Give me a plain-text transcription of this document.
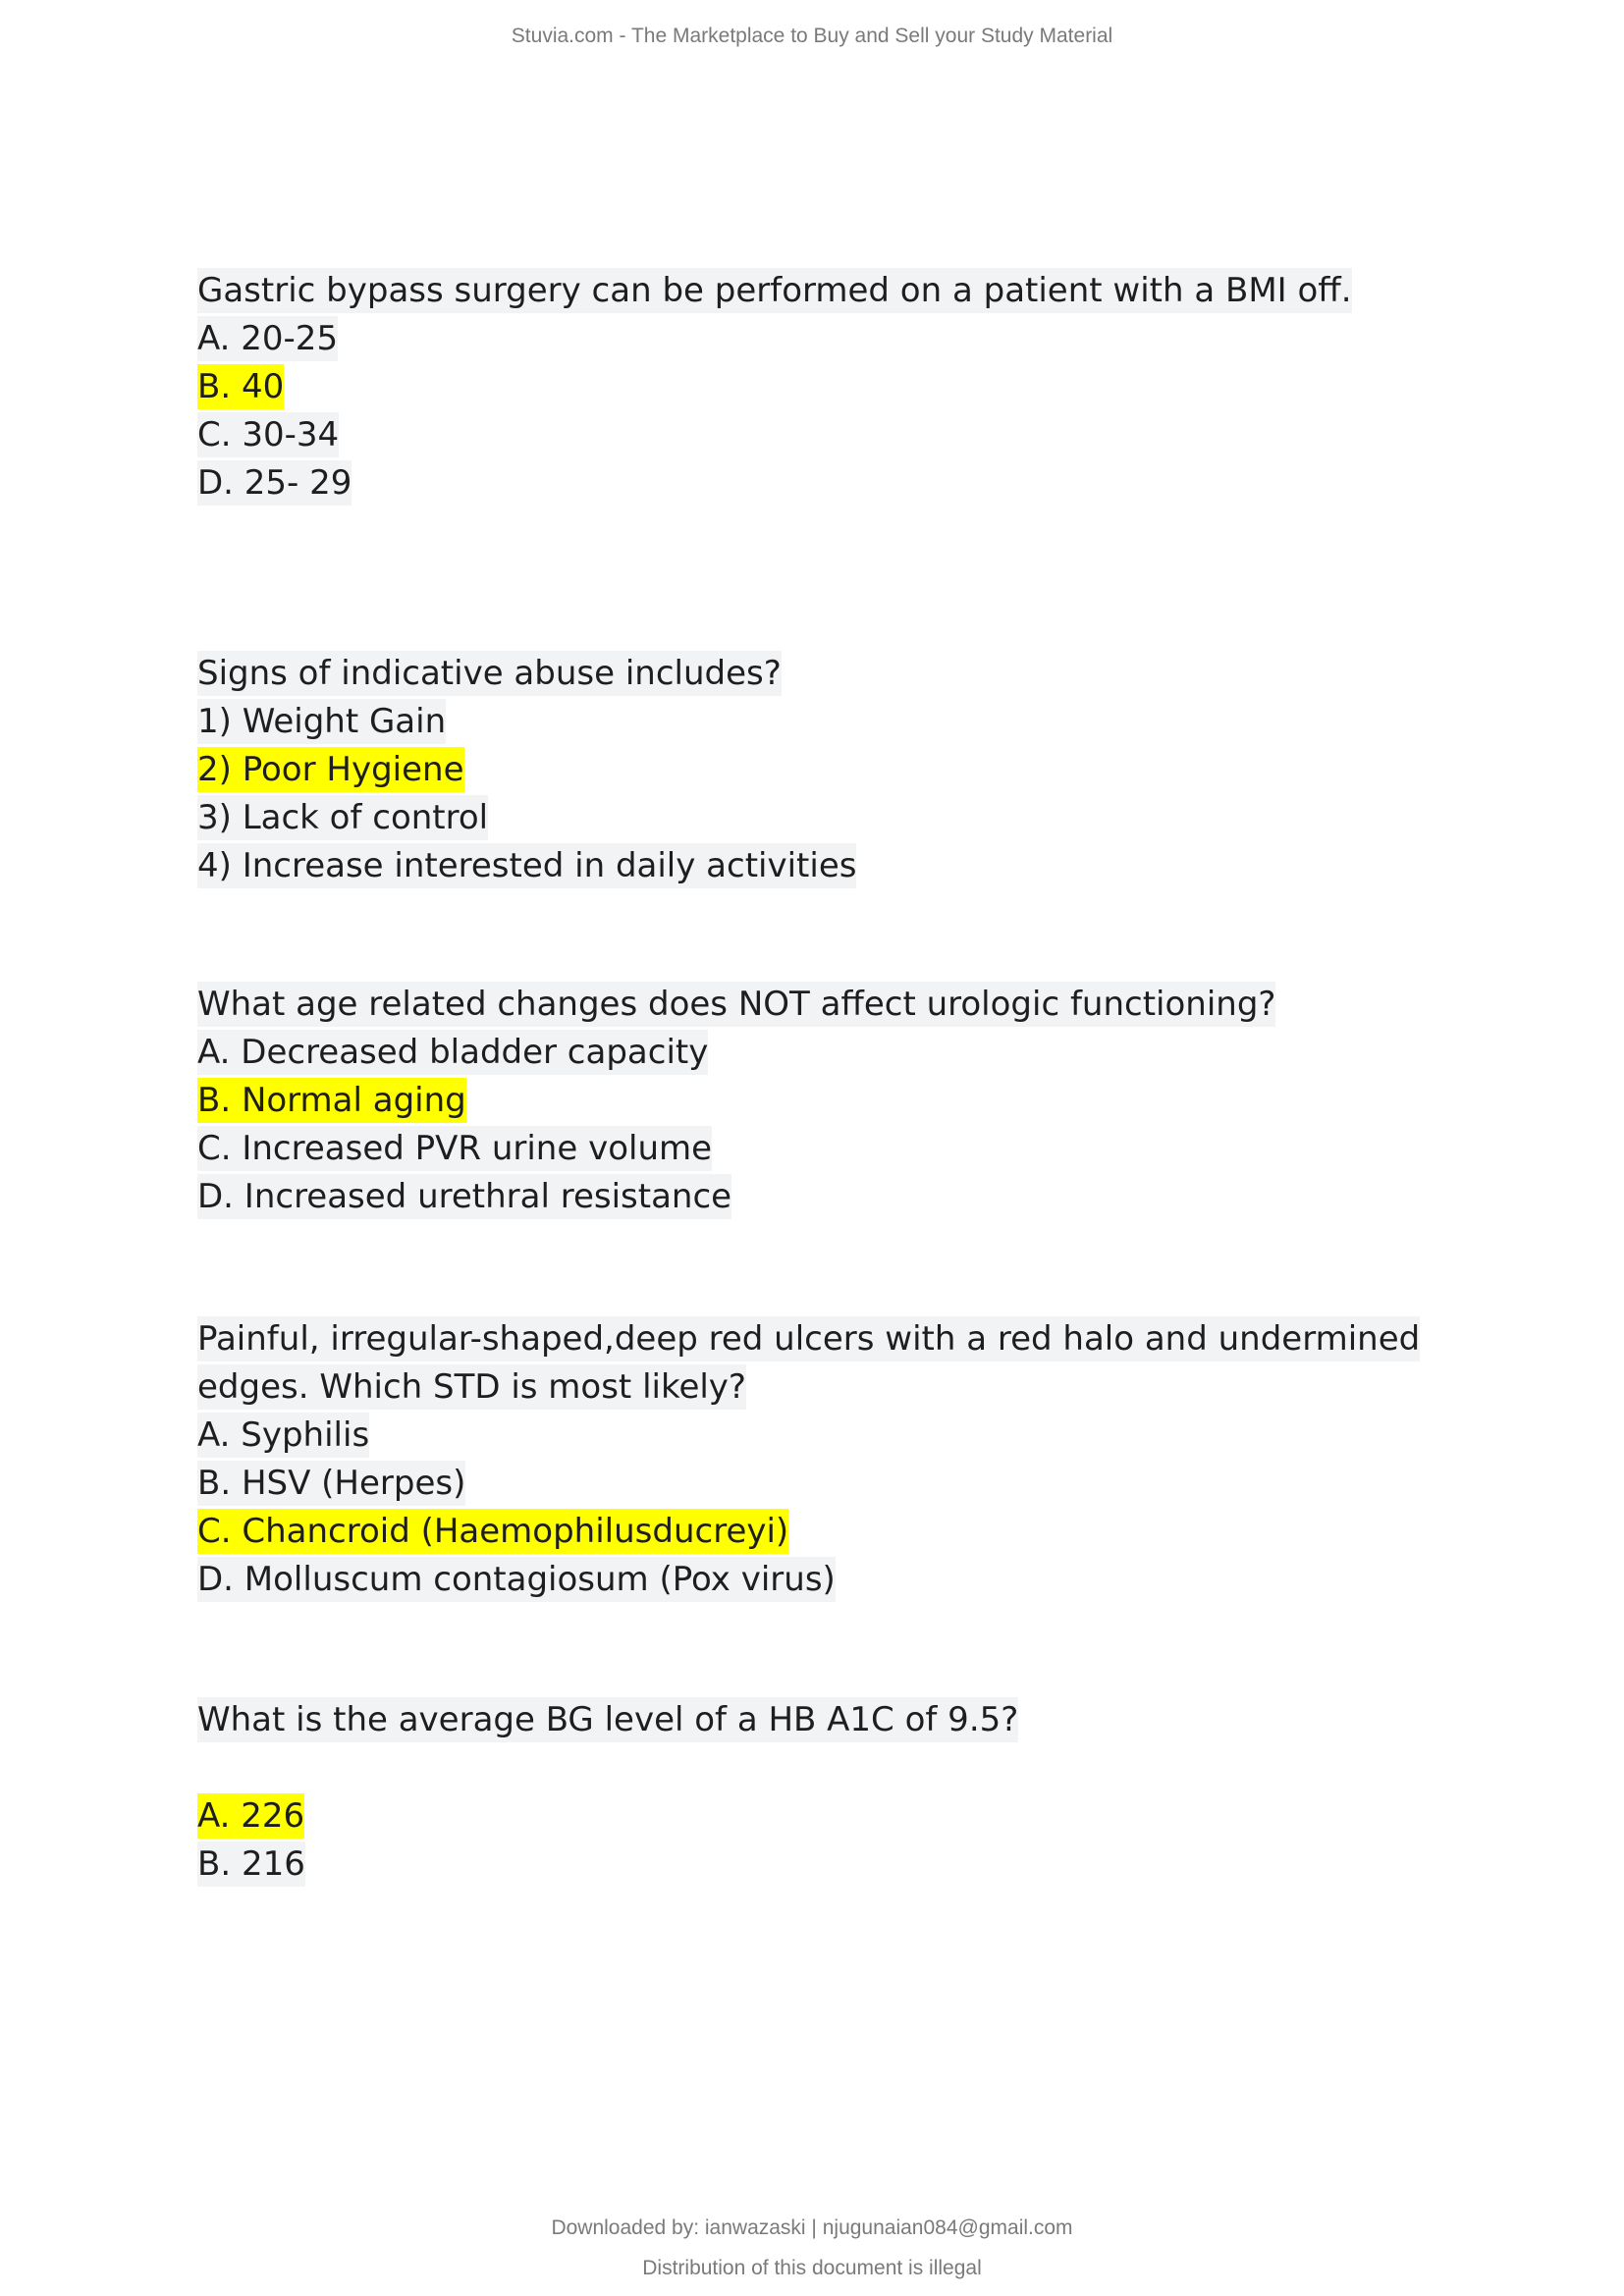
Stuvia.com - The Marketplace to Buy and Sell your Study Material
Gastric bypass surgery can be performed on a patient with a BMI off.
A. 20-25
B. 40
C. 30-34
D. 25- 29
Signs of indicative abuse includes?
1) Weight Gain
2) Poor Hygiene
3) Lack of control
4) Increase interested in daily activities
What age related changes does NOT affect urologic functioning?
A. Decreased bladder capacity
B. Normal aging
C. Increased PVR urine volume
D. Increased urethral resistance
Painful, irregular-shaped,deep red ulcers with a red halo and undermined edges. Which STD is most likely?
A. Syphilis
B. HSV (Herpes)
C. Chancroid (Haemophilusducreyi)
D. Molluscum contagiosum (Pox virus)
What is the average BG level of a HB A1C of 9.5?
A. 226
B. 216
Downloaded by: ianwazaski | njugunaian084@gmail.com
Distribution of this document is illegal
